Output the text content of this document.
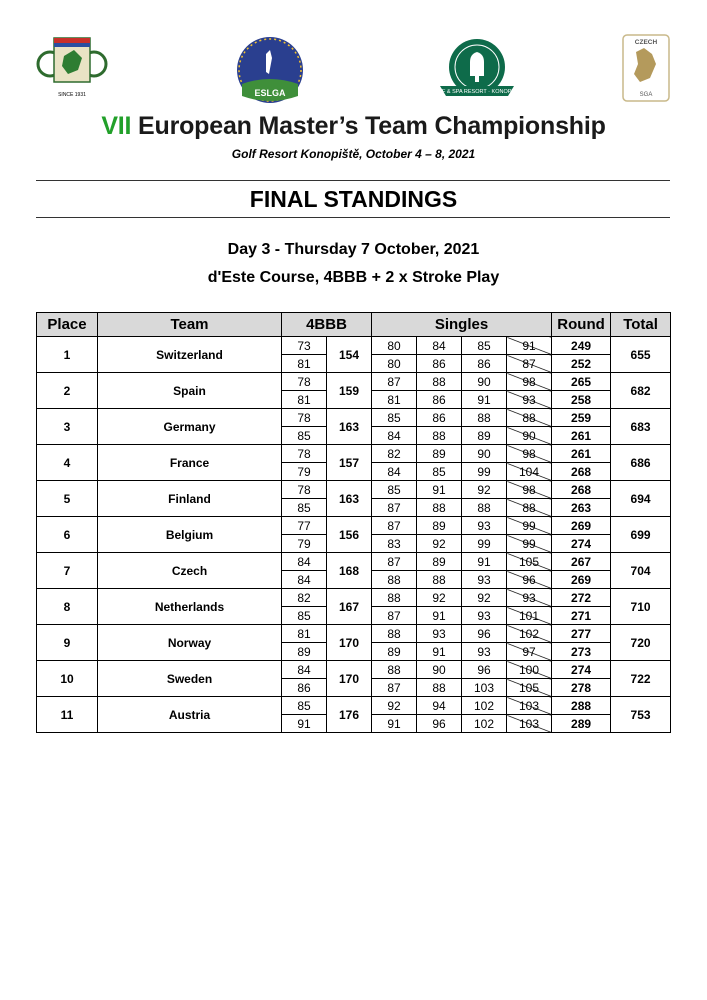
SINCE 1931	ESLGA	GOLF & SPA RESORT · KONOPIŠTĚ
CZECH
SGA
VII European Master’s Team Championship
Golf Resort Konopiště, October 4 – 8, 2021
FINAL STANDINGS
Day 3 - Thursday 7 October, 2021
d'Este Course, 4BBB + 2 x Stroke Play
Place	Team	4BBB		Singles				Round	Total
1	Switzerland	73	154	80	84	85	91	249	655
		81		80	86	86	87	252	
2	Spain	78	159	87	88	90	98	265	682
		81		81	86	91	93	258	
3	Germany	78	163	85	86	88	88	259	683
		85		84	88	89	90	261	
4	France	78	157	82	89	90	98	261	686
		79		84	85	99	104	268	
5	Finland	78	163	85	91	92	98	268	694
		85		87	88	88	88	263	
6	Belgium	77	156	87	89	93	99	269	699
		79		83	92	99	99	274	
7	Czech	84	168	87	89	91	105	267	704
		84		88	88	93	96	269	
8	Netherlands	82	167	88	92	92	93	272	710
		85		87	91	93	101	271	
9	Norway	81	170	88	93	96	102	277	720
		89		89	91	93	97	273	
10	Sweden	84	170	88	90	96	100	274	722
		86		87	88	103	105	278	
11	Austria	85	176	92	94	102	103	288	753
		91		91	96	102	103	289	
